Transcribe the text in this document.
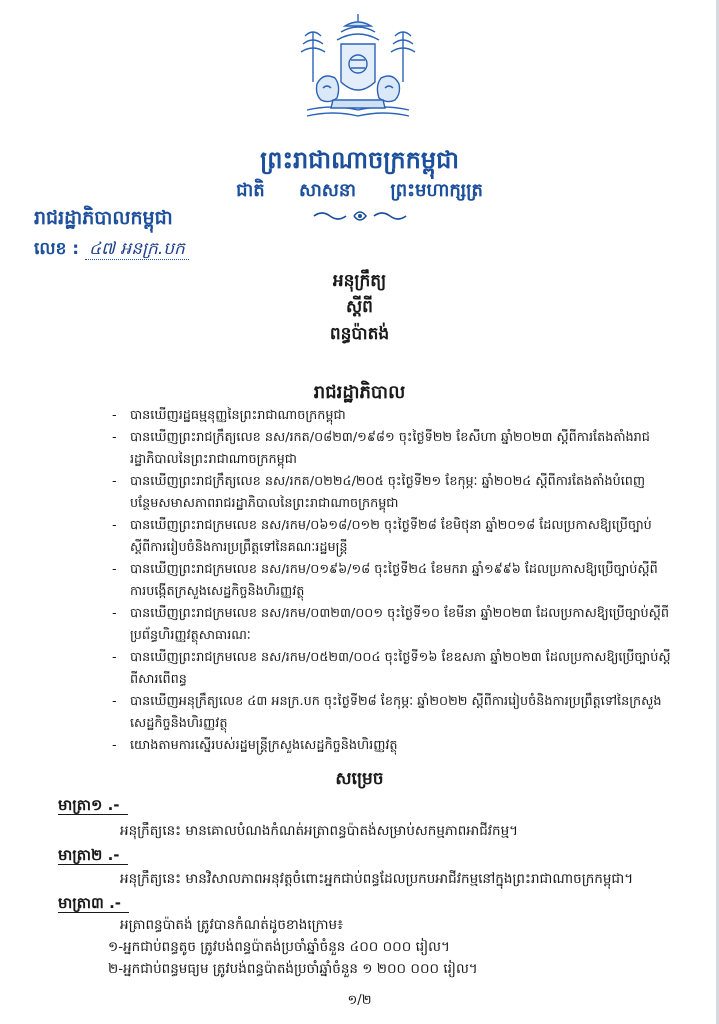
ព្រះរាជាណាចក្រកម្ពុជា
ជាតិ សាសនា ព្រះមហាក្សត្រ
រាជរដ្ឋាភិបាលកម្ពុជា
លេខ : ៤៧ អនក្រ.បក
អនុក្រឹត្យ
ស្តីពី
ពន្ធប៉ាតង់
រាជរដ្ឋាភិបាល
- បានឃើញរដ្ឋធម្មនុញ្ញនៃព្រះរាជាណាចក្រកម្ពុជា
- បានឃើញព្រះរាជក្រឹត្យលេខ នស/រកត/០៨២៣/១៩៨១ ចុះថ្ងៃទី២២ ខែសីហា ឆ្នាំ២០២៣ ស្តីពីការតែងតាំងរាជរដ្ឋាភិបាលនៃព្រះរាជាណាចក្រកម្ពុជា
- បានឃើញព្រះរាជក្រឹត្យលេខ នស/រកត/០២២៤/២០៥ ចុះថ្ងៃទី២១ ខែកុម្ភៈ ឆ្នាំ២០២៤ ស្តីពីការតែងតាំងបំពេញបន្ថែមសមាសភាពរាជរដ្ឋាភិបាលនៃព្រះរាជាណាចក្រកម្ពុជា
- បានឃើញព្រះរាជក្រមលេខ នស/រកម/០៦១៨/០១២ ចុះថ្ងៃទី២៨ ខែមិថុនា ឆ្នាំ២០១៨ ដែលប្រកាសឱ្យប្រើច្បាប់ស្តីពីការរៀបចំនិងការប្រព្រឹត្តទៅនៃគណៈរដ្ឋមន្ត្រី
- បានឃើញព្រះរាជក្រមលេខ នស/រកម/០១៩៦/១៨ ចុះថ្ងៃទី២៤ ខែមករា ឆ្នាំ១៩៩៦ ដែលប្រកាសឱ្យប្រើច្បាប់ស្តីពីការបង្កើតក្រសួងសេដ្ឋកិច្ចនិងហិរញ្ញវត្ថុ
- បានឃើញព្រះរាជក្រមលេខ នស/រកម/០៣២៣/០០១ ចុះថ្ងៃទី១០ ខែមីនា ឆ្នាំ២០២៣ ដែលប្រកាសឱ្យប្រើច្បាប់ស្តីពីប្រព័ន្ធហិរញ្ញវត្ថុសាធារណៈ
- បានឃើញព្រះរាជក្រមលេខ នស/រកម/០៥២៣/០០៤ ចុះថ្ងៃទី១៦ ខែឧសភា ឆ្នាំ២០២៣ ដែលប្រកាសឱ្យប្រើច្បាប់ស្តីពីសារពើពន្ធ
- បានឃើញអនុក្រឹត្យលេខ ៤៣ អនក្រ.បក ចុះថ្ងៃទី២៨ ខែកុម្ភៈ ឆ្នាំ២០២២ ស្តីពីការរៀបចំនិងការប្រព្រឹត្តទៅនៃក្រសួងសេដ្ឋកិច្ចនិងហិរញ្ញវត្ថុ
- យោងតាមការស្នើរបស់រដ្ឋមន្ត្រីក្រសួងសេដ្ឋកិច្ចនិងហិរញ្ញវត្ថុ
សម្រេច
មាត្រា១ .-
អនុក្រឹត្យនេះ មានគោលបំណងកំណត់អត្រាពន្ធប៉ាតង់សម្រាប់សកម្មភាពអាជីវកម្ម។
មាត្រា២ .-
អនុក្រឹត្យនេះ មានវិសាលភាពអនុវត្តចំពោះអ្នកជាប់ពន្ធដែលប្រកបអាជីវកម្មនៅក្នុងព្រះរាជាណាចក្រកម្ពុជា។
មាត្រា៣ .-
អត្រាពន្ធប៉ាតង់ ត្រូវបានកំណត់ដូចខាងក្រោម៖
១-អ្នកជាប់ពន្ធតូច ត្រូវបង់ពន្ធប៉ាតង់ប្រចាំឆ្នាំចំនួន ៤០០ ០០០ រៀល។
២-អ្នកជាប់ពន្ធមធ្យម ត្រូវបង់ពន្ធប៉ាតង់ប្រចាំឆ្នាំចំនួន ១ ២០០ ០០០ រៀល។
១/២
